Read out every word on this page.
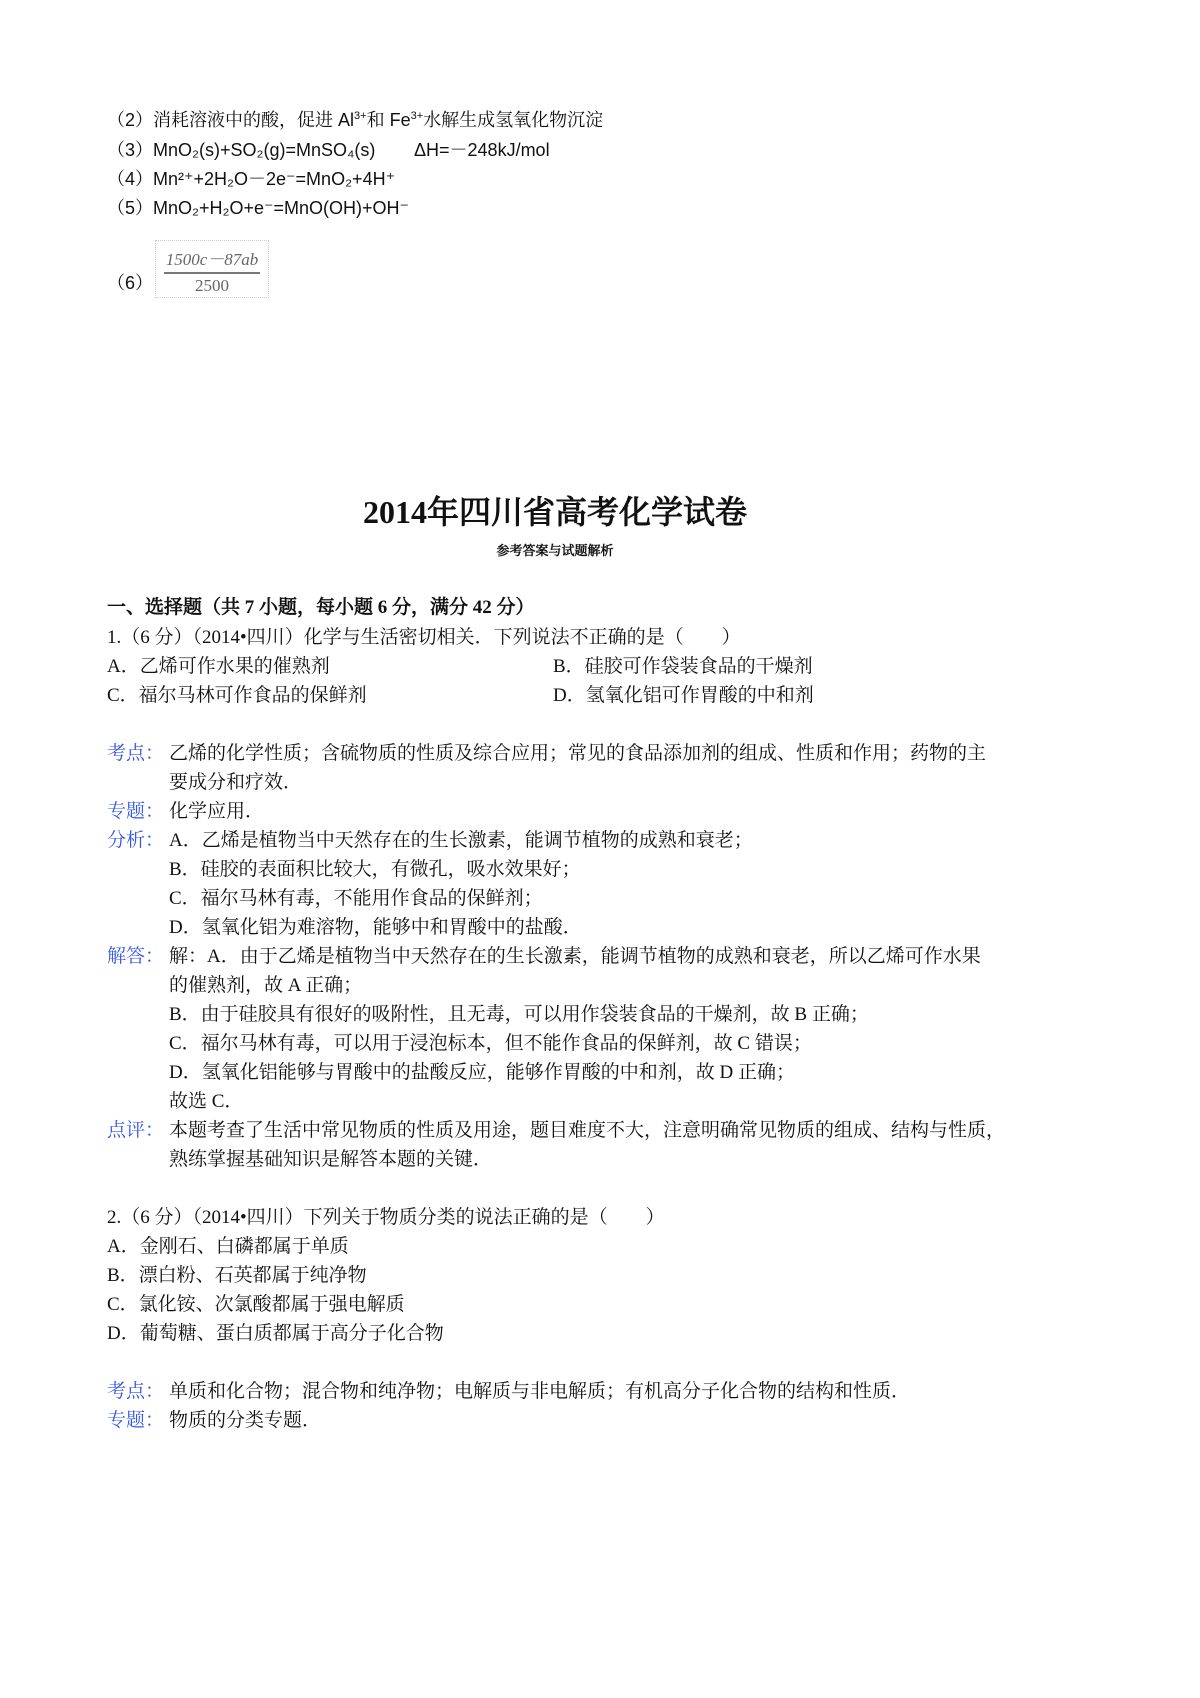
（2）消耗溶液中的酸，促进 $Al^{3+}$和 $Fe^{3+}$水解生成氢氧化物沉淀
（3）MnO₂(s)+SO₂(g)=MnSO₄(s) ΔH=－248kJ/mol
（4）Mn²⁺+2H₂O－2e⁻=MnO₂+4H⁺
（5）MnO₂+H₂O+e⁻=MnO(OH)+OH⁻
$(6) \frac{1500c-87ab}{2500}$
2014年四川省高考化学试卷
参考答案与试题解析
一、选择题（共 7 小题，每小题 6 分，满分 42 分）
1.（6 分）（2014•四川）化学与生活密切相关．下列说法不正确的是（　　）
A．乙烯可作水果的催熟剂	B．硅胶可作袋装食品的干燥剂
C．福尔马林可作食品的保鲜剂	D．氢氧化铝可作胃酸的中和剂
考点： 乙烯的化学性质；含硫物质的性质及综合应用；常见的食品添加剂的组成、性质和作用；药物的主
要成分和疗效．
专题： 化学应用．
分析： A．乙烯是植物当中天然存在的生长激素，能调节植物的成熟和衰老；
B．硅胶的表面积比较大，有微孔，吸水效果好；
C．福尔马林有毒，不能用作食品的保鲜剂；
D．氢氧化铝为难溶物，能够中和胃酸中的盐酸．
解答： 解：A．由于乙烯是植物当中天然存在的生长激素，能调节植物的成熟和衰老，所以乙烯可作水果
的催熟剂，故 A 正确；
B．由于硅胶具有很好的吸附性，且无毒，可以用作袋装食品的干燥剂，故 B 正确；
C．福尔马林有毒，可以用于浸泡标本，但不能作食品的保鲜剂，故 C 错误；
D．氢氧化铝能够与胃酸中的盐酸反应，能够作胃酸的中和剂，故 D 正确；
故选 C．
点评： 本题考查了生活中常见物质的性质及用途，题目难度不大，注意明确常见物质的组成、结构与性质，
熟练掌握基础知识是解答本题的关键．
2.（6 分）（2014•四川）下列关于物质分类的说法正确的是（　　）
A．金刚石、白磷都属于单质
B．漂白粉、石英都属于纯净物
C．氯化铵、次氯酸都属于强电解质
D．葡萄糖、蛋白质都属于高分子化合物
考点： 单质和化合物；混合物和纯净物；电解质与非电解质；有机高分子化合物的结构和性质．
专题： 物质的分类专题．
